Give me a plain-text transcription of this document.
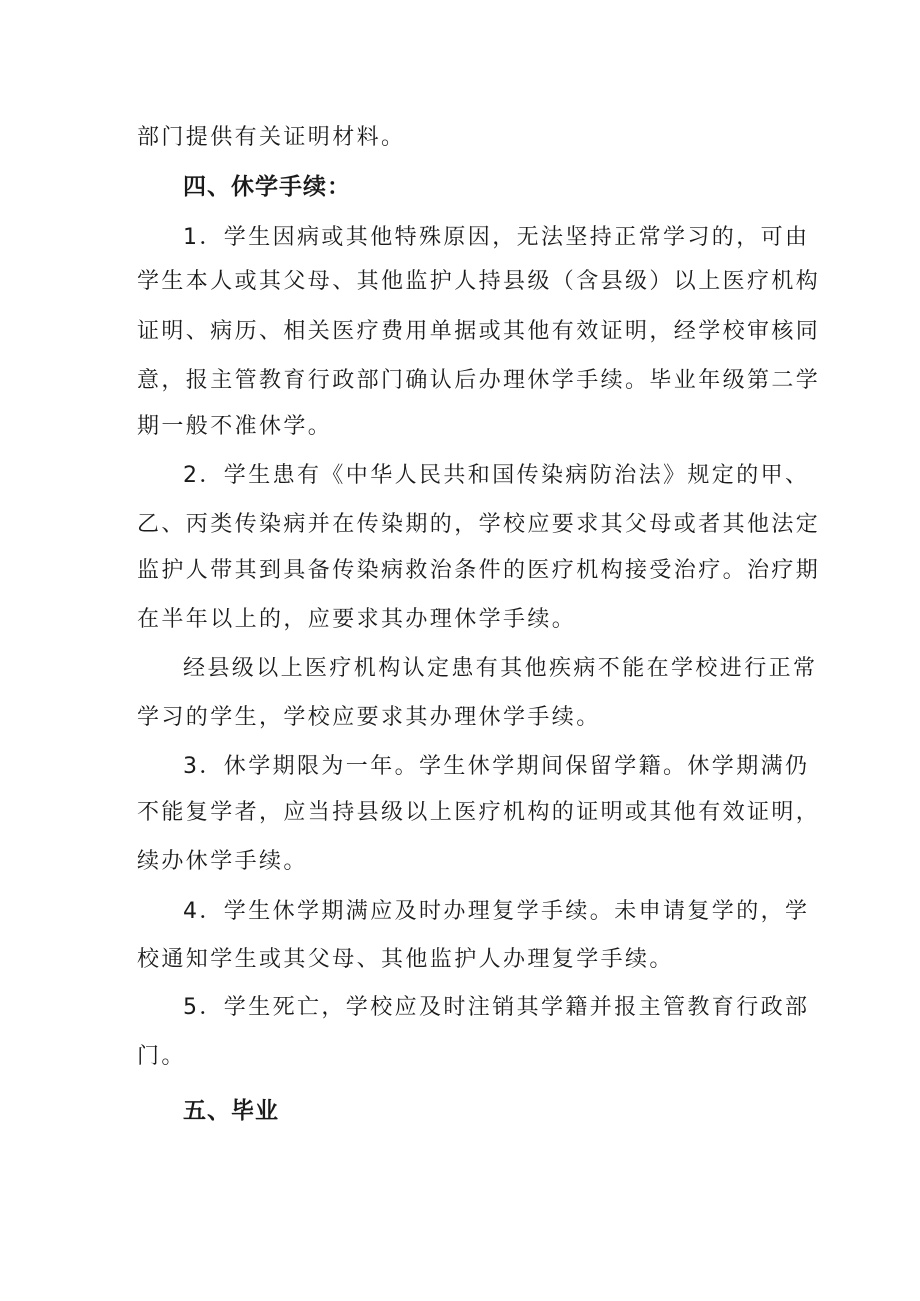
部门提供有关证明材料。
四、休学手续：
1．学生因病或其他特殊原因，无法坚持正常学习的，可由
学生本人或其父母、其他监护人持县级（含县级）以上医疗机构
证明、病历、相关医疗费用单据或其他有效证明，经学校审核同
意，报主管教育行政部门确认后办理休学手续。毕业年级第二学
期一般不准休学。
2．学生患有《中华人民共和国传染病防治法》规定的甲、
乙、丙类传染病并在传染期的，学校应要求其父母或者其他法定
监护人带其到具备传染病救治条件的医疗机构接受治疗。治疗期
在半年以上的，应要求其办理休学手续。
经县级以上医疗机构认定患有其他疾病不能在学校进行正常
学习的学生，学校应要求其办理休学手续。
3．休学期限为一年。学生休学期间保留学籍。休学期满仍
不能复学者，应当持县级以上医疗机构的证明或其他有效证明，
续办休学手续。
4．学生休学期满应及时办理复学手续。未申请复学的，学
校通知学生或其父母、其他监护人办理复学手续。
5．学生死亡，学校应及时注销其学籍并报主管教育行政部
门。
五、毕业
